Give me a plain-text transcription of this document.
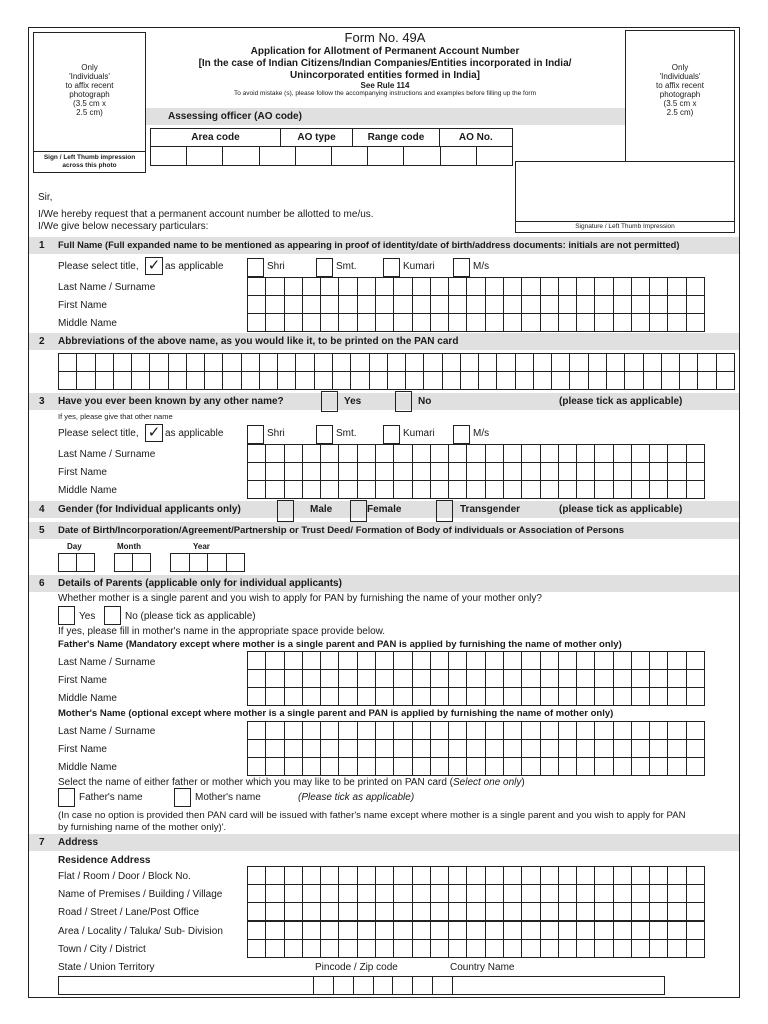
Only
'Individuals'
to affix recent
photograph
(3.5 cm x
2.5 cm)
Sign / Left Thumb impression
across this photo
Only
'Individuals'
to affix recent
photograph
(3.5 cm x
2.5 cm)
Signature / Left Thumb Impression
Form No. 49A
Application for Allotment of Permanent Account Number
[In the case of Indian Citizens/Indian Companies/Entities incorporated in India/
Unincorporated entities formed in India]
See Rule 114
To avoid mistake (s), please follow the accompanying instructions and examples before filling up the form
Assessing officer (AO code)
Area code	AO type	Range code	AO No.
Sir,
I/We hereby request that a permanent account number be allotted to me/us.
I/We give below necessary particulars:
1 Full Name (Full expanded name to be mentioned as appearing in proof of identity/date of birth/address documents: initials are not permitted)
Please select title, ✓ as applicable	Shri	Smt.	Kumari	M/s
Last Name / Surname
First Name
Middle Name
2 Abbreviations of the above name, as you would like it, to be printed on the PAN card
3 Have you ever been known by any other name?	Yes	No	(please tick as applicable)
If yes, please give that other name
Please select title, ✓ as applicable	Shri	Smt.	Kumari	M/s
Last Name / Surname
First Name
Middle Name
4 Gender (for Individual applicants only)	Male	Female	Transgender	(please tick as applicable)
5 Date of Birth/Incorporation/Agreement/Partnership or Trust Deed/ Formation of Body of individuals or Association of Persons
Day	Month	Year
6 Details of Parents (applicable only for individual applicants)
Whether mother is a single parent and you wish to apply for PAN by furnishing the name of your mother only?
Yes	No (please tick as applicable)
If yes, please fill in mother's name in the appropriate space provide below.
Father's Name (Mandatory except where mother is a single parent and PAN is applied by furnishing the name of mother only)
Last Name / Surname
First Name
Middle Name
Mother's Name (optional except where mother is a single parent and PAN is applied by furnishing the name of mother only)
Last Name / Surname
First Name
Middle Name
Select the name of either father or mother which you may like to be printed on PAN card (Select one only)
Father's name	Mother's name	(Please tick as applicable)
(In case no option is provided then PAN card will be issued with father's name except where mother is a single parent and you wish to apply for PAN
by furnishing name of the mother only)'.
7 Address
Residence Address
Flat / Room / Door / Block No.
Name of Premises / Building / Village
Road / Street / Lane/Post Office
Area / Locality / Taluka/ Sub- Division
Town / City / District
State / Union Territory	Pincode / Zip code	Country Name
